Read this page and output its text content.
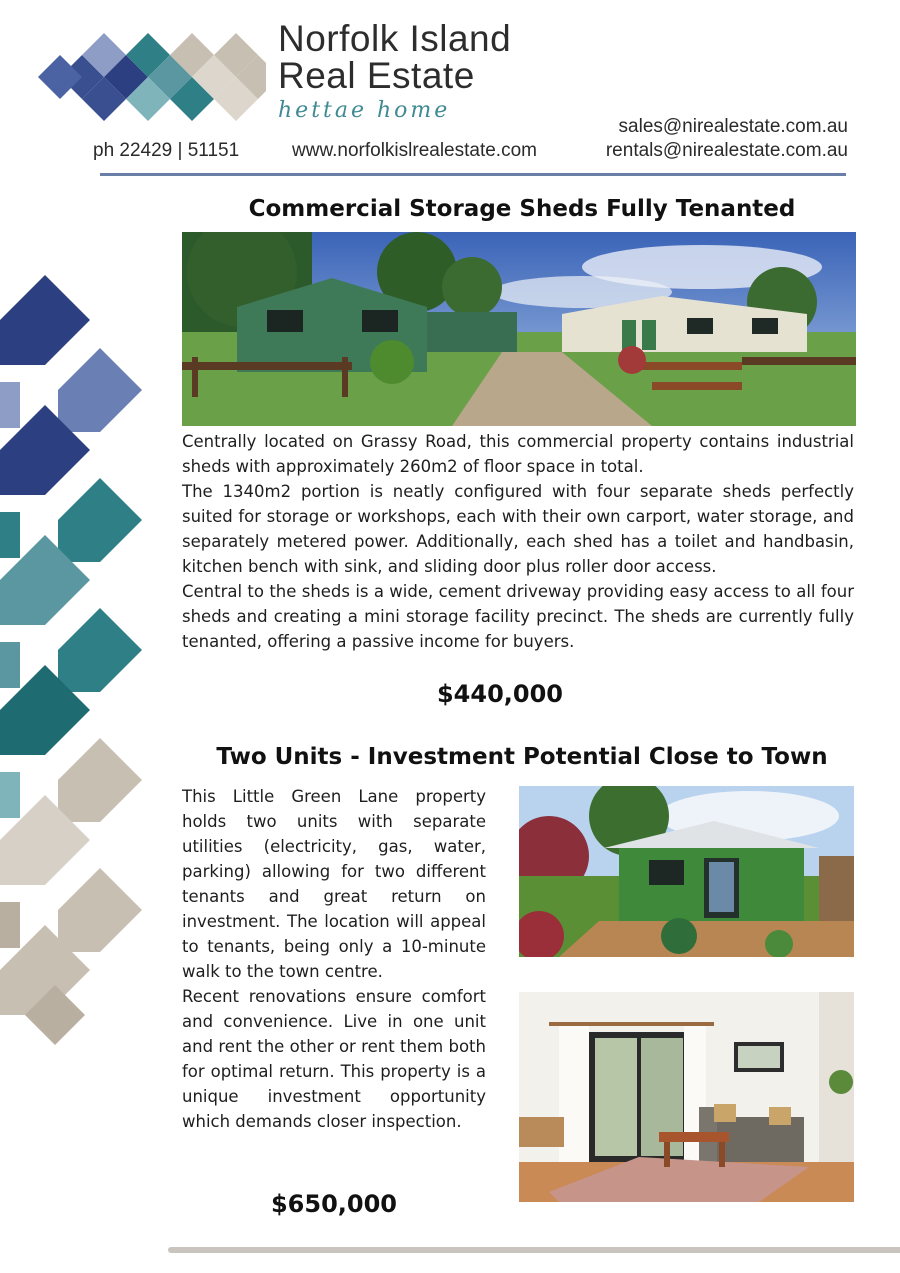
Norfolk Island
Real Estate
hettae home
ph 22429 | 51151	www.norfolkislrealestate.com
sales@nirealestate.com.au
rentals@nirealestate.com.au
Commercial Storage Sheds Fully Tenanted

Centrally located on Grassy Road, this commercial property contains industrial sheds with approximately 260m2 of floor space in total.

The 1340m2 portion is neatly configured with four separate sheds perfectly suited for storage or workshops, each with their own carport, water storage, and separately metered power. Additionally, each shed has a toilet and handbasin, kitchen bench with sink, and sliding door plus roller door access.

Central to the sheds is a wide, cement driveway providing easy access to all four sheds and creating a mini storage facility precinct. The sheds are currently fully tenanted, offering a passive income for buyers.

$440,000
Two Units - Investment Potential Close to Town

This Little Green Lane property holds two units with separate utilities (electricity, gas, water, parking) allowing for two different tenants and great return on investment. The location will appeal to tenants, being only a 10-minute walk to the town centre.

Recent renovations ensure comfort and convenience. Live in one unit and rent the other or rent them both for optimal return. This property is a unique investment opportunity which demands closer inspection.

$650,000
